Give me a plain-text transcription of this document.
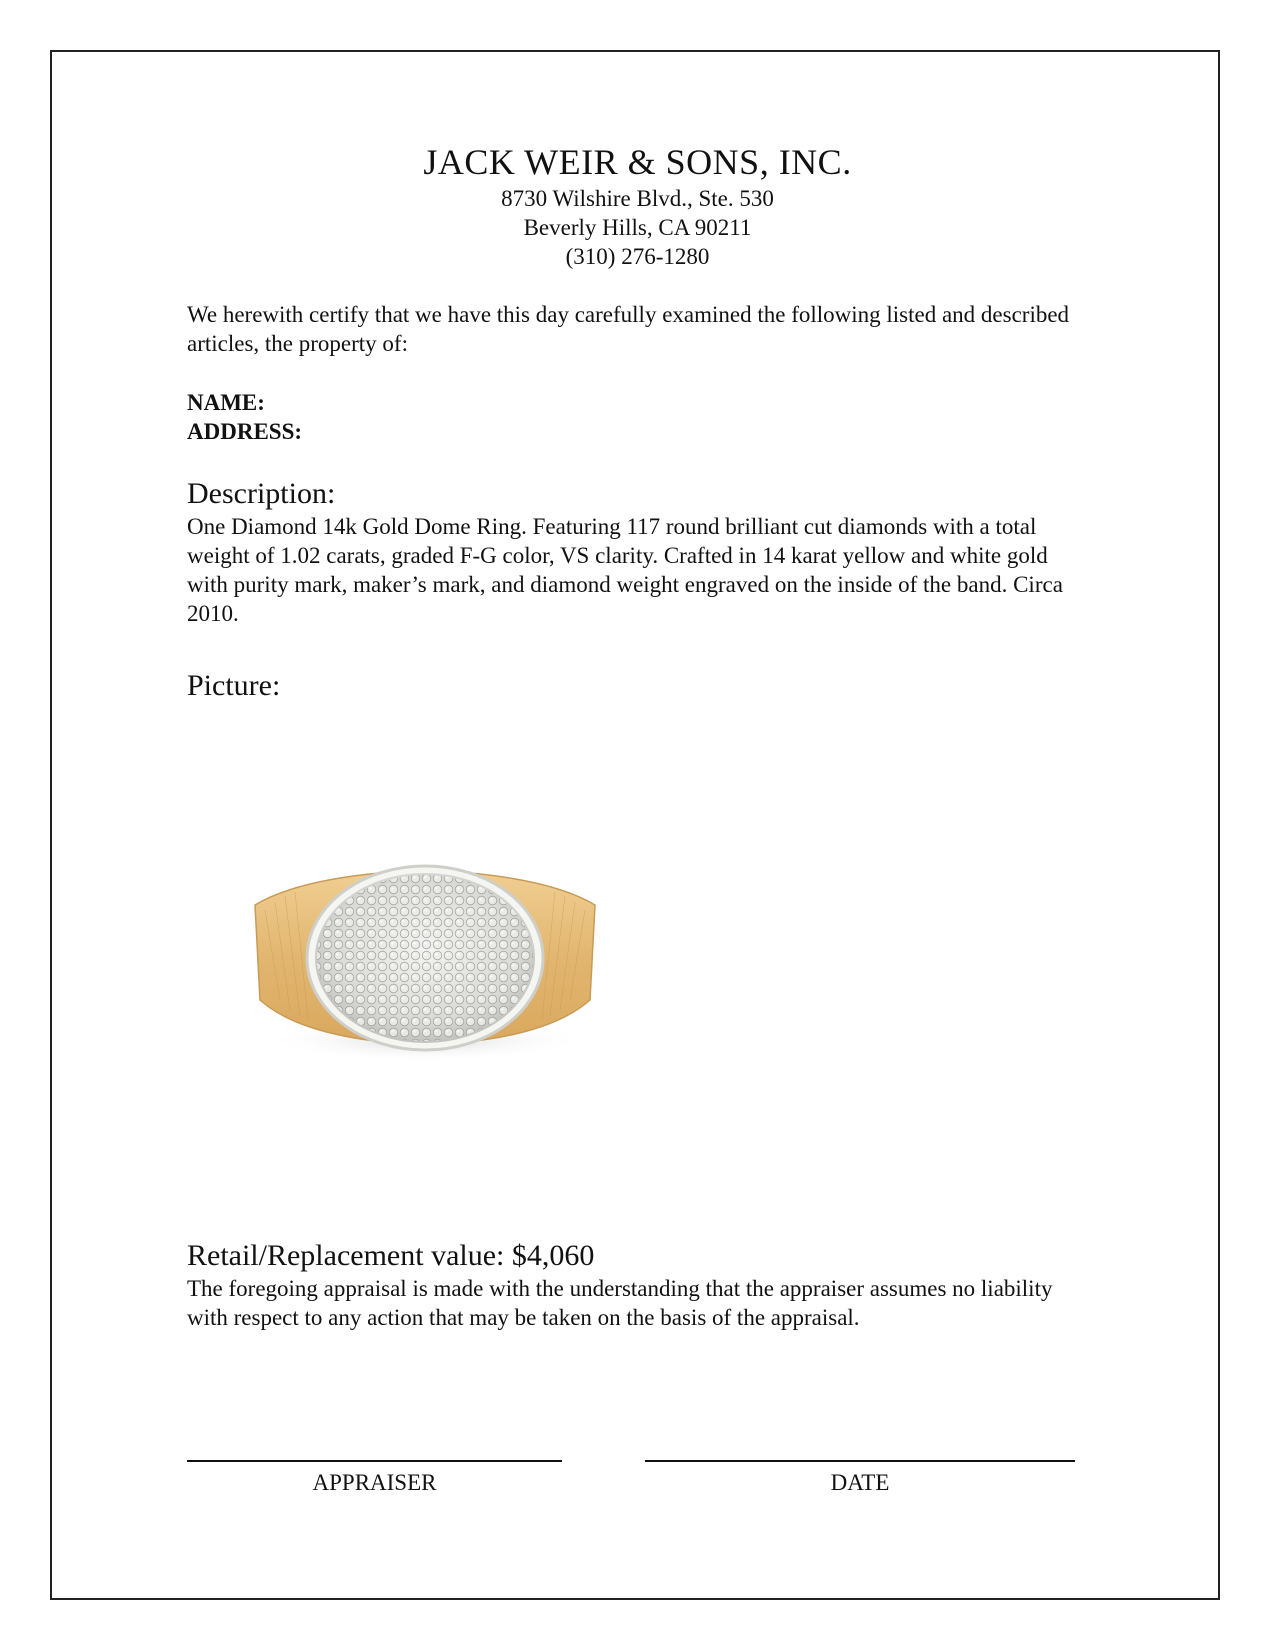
JACK WEIR & SONS, INC.
8730 Wilshire Blvd., Ste. 530
Beverly Hills, CA 90211
(310) 276-1280
We herewith certify that we have this day carefully examined the following listed and described articles, the property of:
NAME:
ADDRESS:
Description:
One Diamond 14k Gold Dome Ring. Featuring 117 round brilliant cut diamonds with a total weight of 1.02 carats, graded F-G color, VS clarity. Crafted in 14 karat yellow and white gold with purity mark, maker’s mark, and diamond weight engraved on the inside of the band. Circa 2010.
Picture:
Retail/Replacement value: $4,060
The foregoing appraisal is made with the understanding that the appraiser assumes no liability with respect to any action that may be taken on the basis of the appraisal.
APPRAISER	DATE
